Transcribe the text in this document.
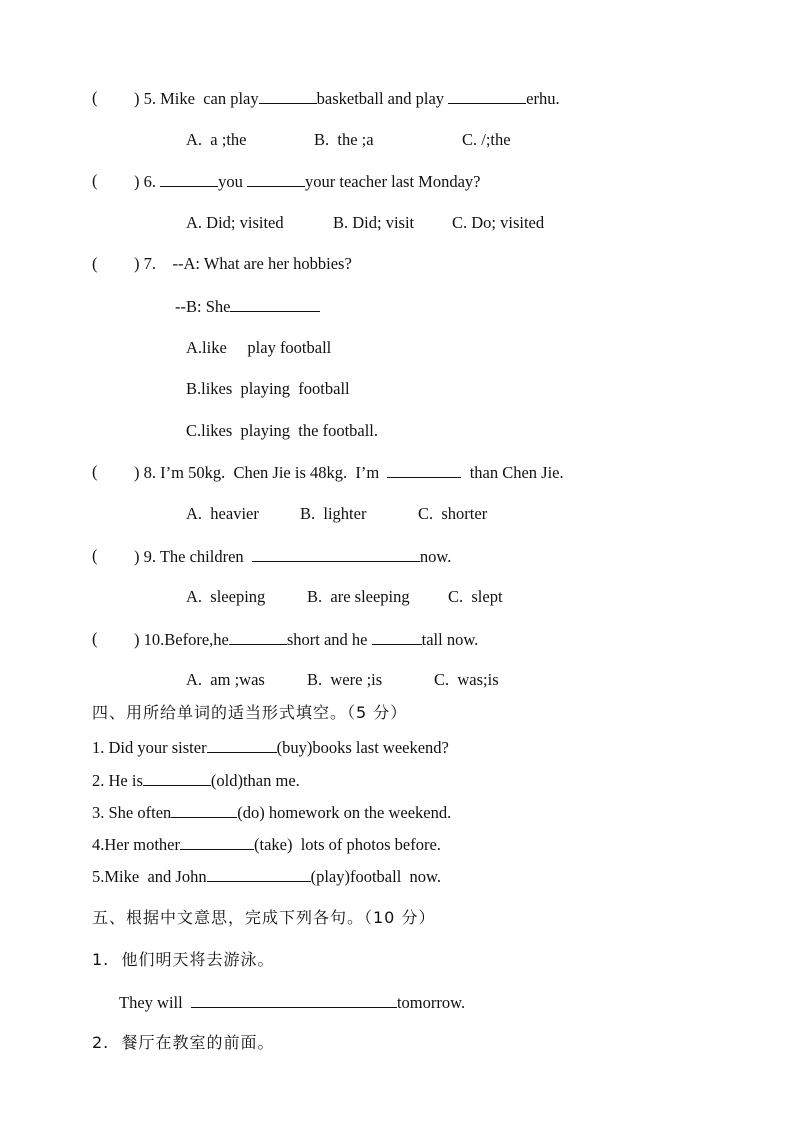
( ) 5. Mike  can play	basketball and play	erhu.
A.  a ;the	B.  the ;a	C. /;the
( ) 6.	you	your teacher last Monday?
A. Did; visited	B. Did; visit C. Do; visited
( ) 7. --A: What are her hobbies?
--B: She
A.like     play football
B.likes  playing  football
C.likes  playing  the football.
( ) 8. I’m 50kg.  Chen Jie is 48kg.  I’m	than Chen Jie.
A.  heavier B.  lighter	C.  shorter
( ) 9. The children	now.
A.  sleeping	B.  are sleeping C.  slept
( ) 10.Before,he	short and he	tall now.
A.  am ;was	B.  were ;is	C.  was;is
四、用所给单词的适当形式填空。（5 分）
1. Did your sister	(buy)books last weekend?
2. He is	(old)than me.
3. She often	(do) homework on the weekend.
4.Her mother	(take)  lots of photos before.
5.Mike  and John	(play)football  now.
五、根据中文意思，完成下列各句。（10 分）
1.  他们明天将去游泳。
They will	tomorrow.
2.  餐厅在教室的前面。
